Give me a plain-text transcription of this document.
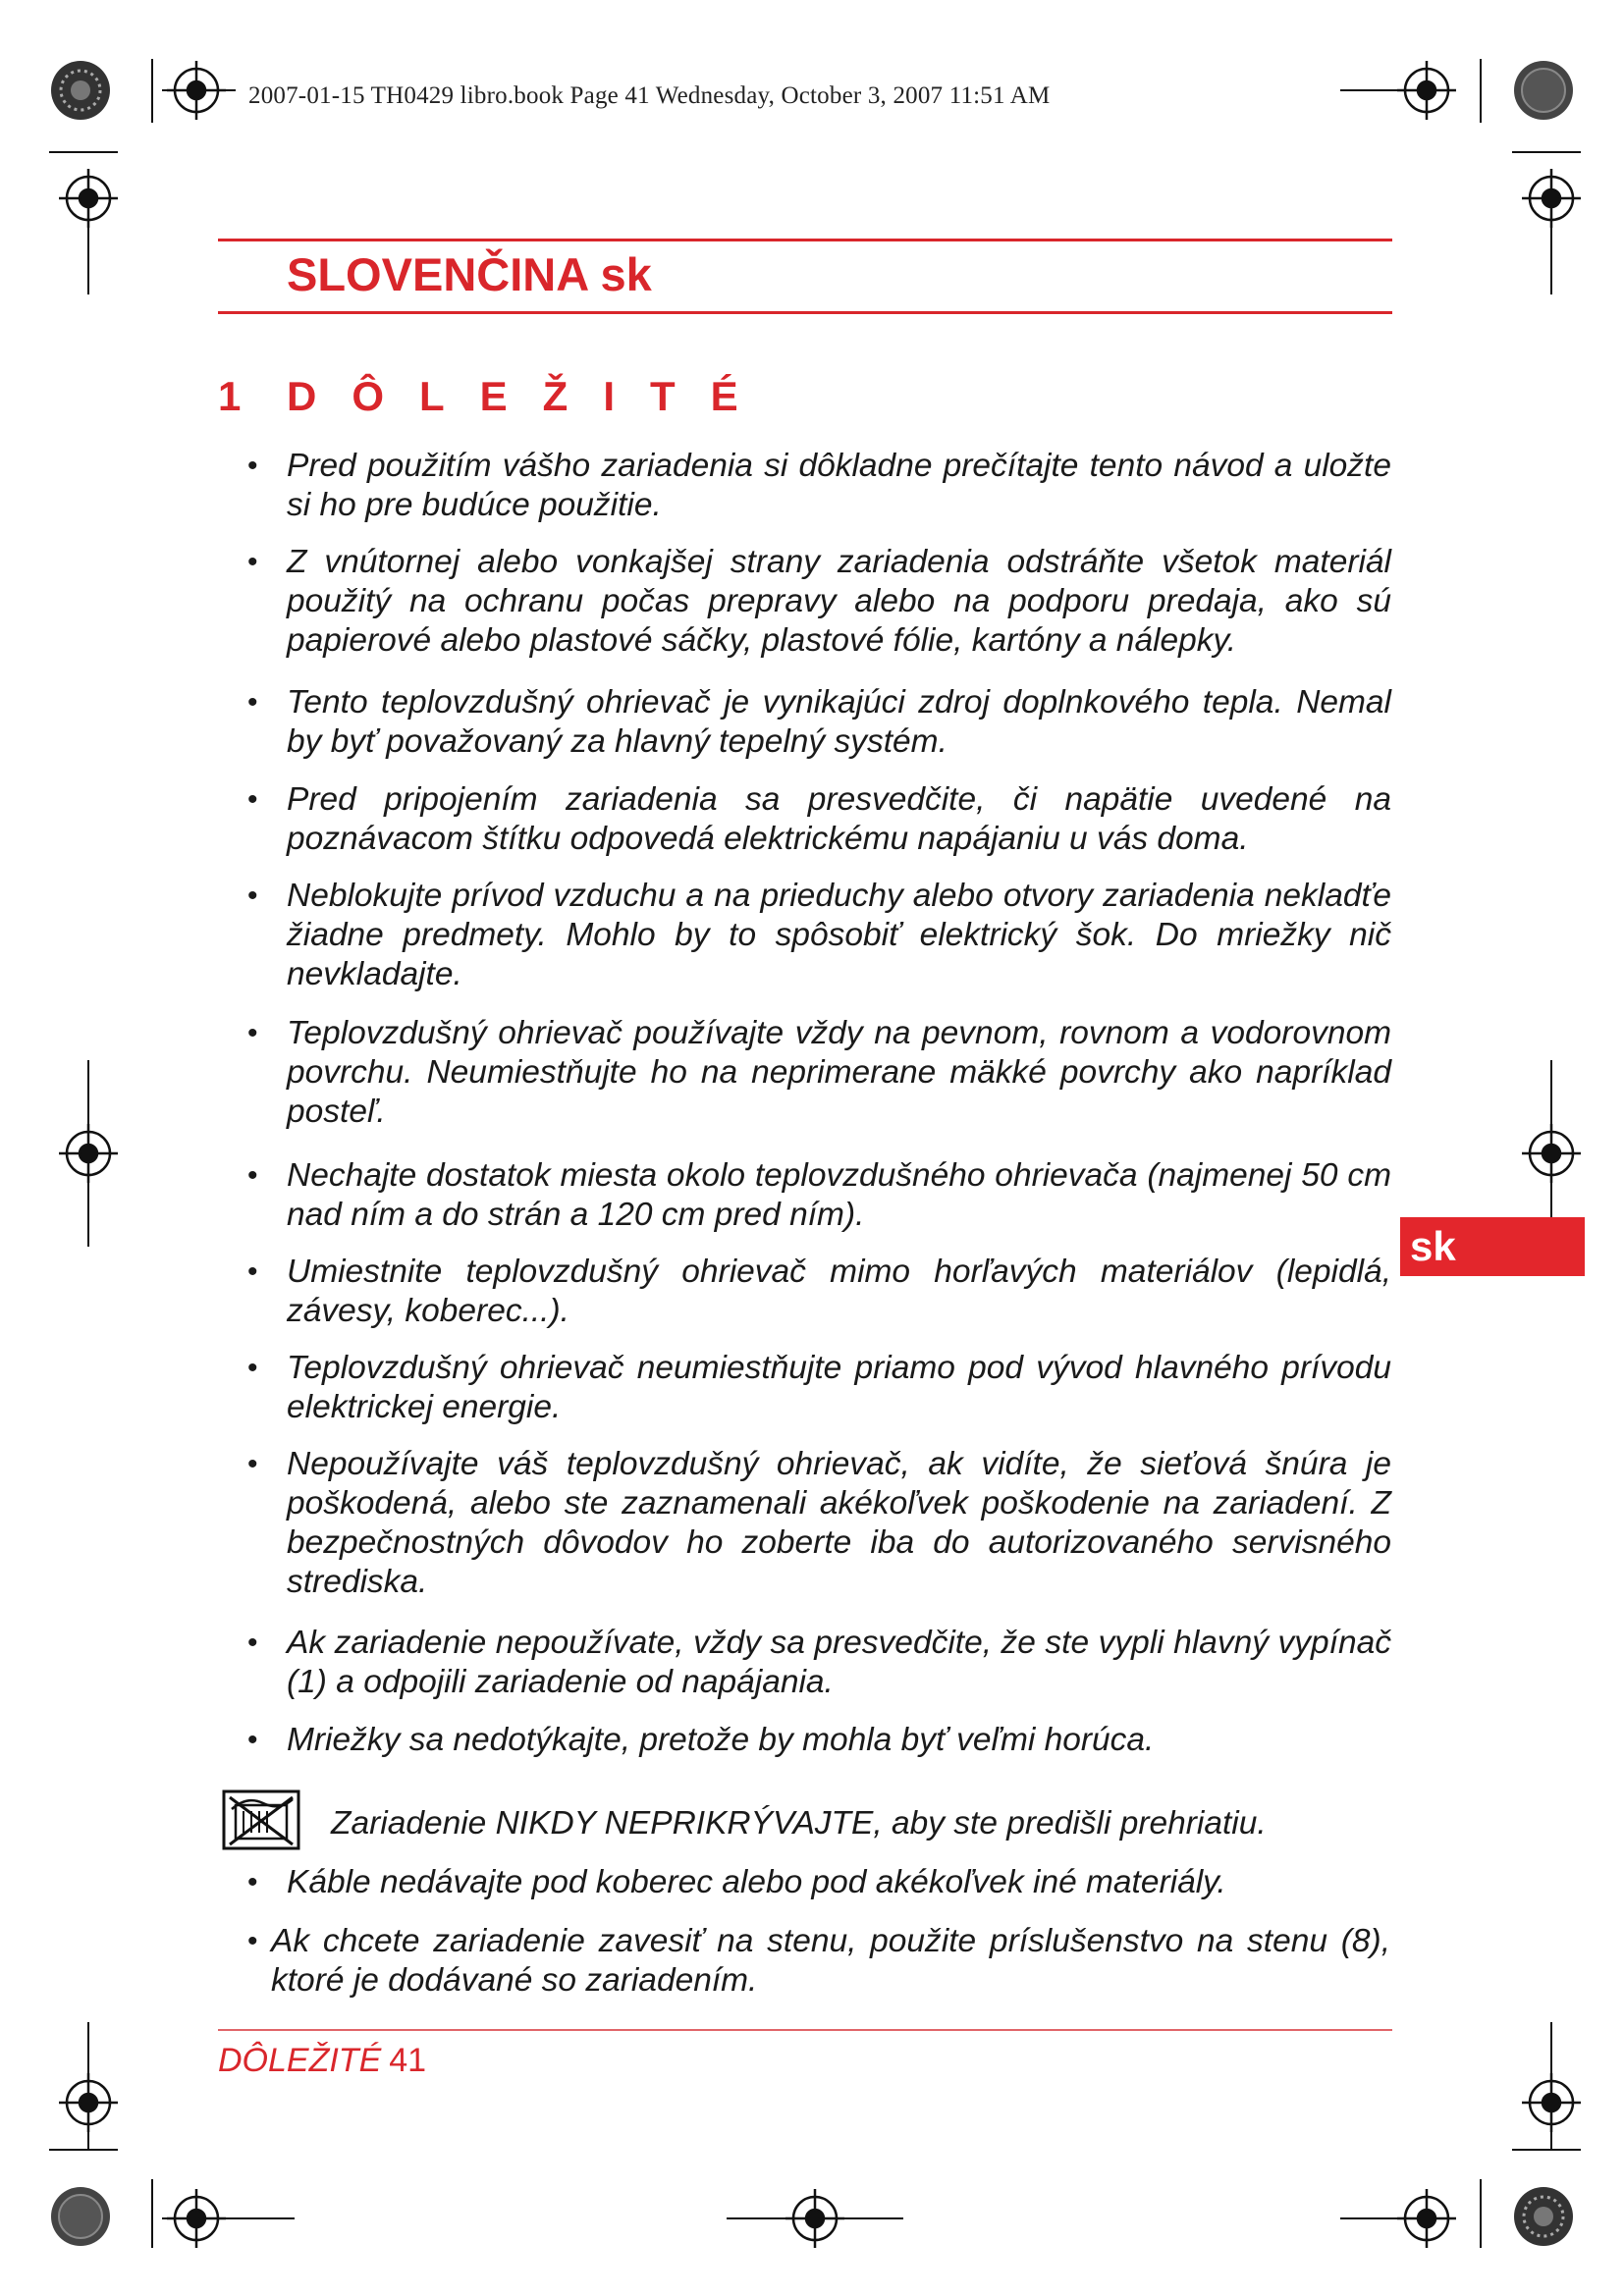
2007-01-15 TH0429 libro.book Page 41 Wednesday, October 3, 2007 11:51 AM
SLOVENČINA sk
1 DÔLEŽITÉ
• Pred použitím vášho zariadenia si dôkladne prečítajte tento návod a uložte si ho pre budúce použitie.
• Z vnútornej alebo vonkajšej strany zariadenia odstráňte všetok materiál použitý na ochranu počas prepravy alebo na podporu predaja, ako sú papierové alebo plastové sáčky, plastové fólie, kartóny a nálepky.
• Tento teplovzdušný ohrievač je vynikajúci zdroj doplnkového tepla. Nemal by byť považovaný za hlavný tepelný systém.
• Pred pripojením zariadenia sa presvedčite, či napätie uvedené na poznávacom štítku odpovedá elektrickému napájaniu u vás doma.
• Neblokujte prívod vzduchu a na prieduchy alebo otvory zariadenia nekladťe žiadne predmety. Mohlo by to spôsobiť elektrický šok. Do mriežky nič nevkladajte.
• Teplovzdušný ohrievač používajte vždy na pevnom, rovnom a vodorovnom povrchu. Neumiestňujte ho na neprimerane mäkké povrchy ako napríklad posteľ.
• Nechajte dostatok miesta okolo teplovzdušného ohrievača (najmenej 50 cm nad ním a do strán a 120 cm pred ním).
• Umiestnite teplovzdušný ohrievač mimo horľavých materiálov (lepidlá, závesy, koberec...).
• Teplovzdušný ohrievač neumiestňujte priamo pod vývod hlavného prívodu elektrickej energie.
• Nepoužívajte váš teplovzdušný ohrievač, ak vidíte, že sieťová šnúra je poškodená, alebo ste zaznamenali akékoľvek poškodenie na zariadení. Z bezpečnostných dôvodov ho zoberte iba do autorizovaného servisného strediska.
• Ak zariadenie nepoužívate, vždy sa presvedčite, že ste vypli hlavný vypínač (1) a odpojili zariadenie od napájania.
• Mriežky sa nedotýkajte, pretože by mohla byť veľmi horúca.
Zariadenie NIKDY NEPRIKRÝVAJTE, aby ste predišli prehriatiu.
• Káble nedávajte pod koberec alebo pod akékoľvek iné materiály.
• Ak chcete zariadenie zavesiť na stenu, použite príslušenstvo na stenu (8), ktoré je dodávané so zariadením.
DÔLEŽITÉ 41
sk
